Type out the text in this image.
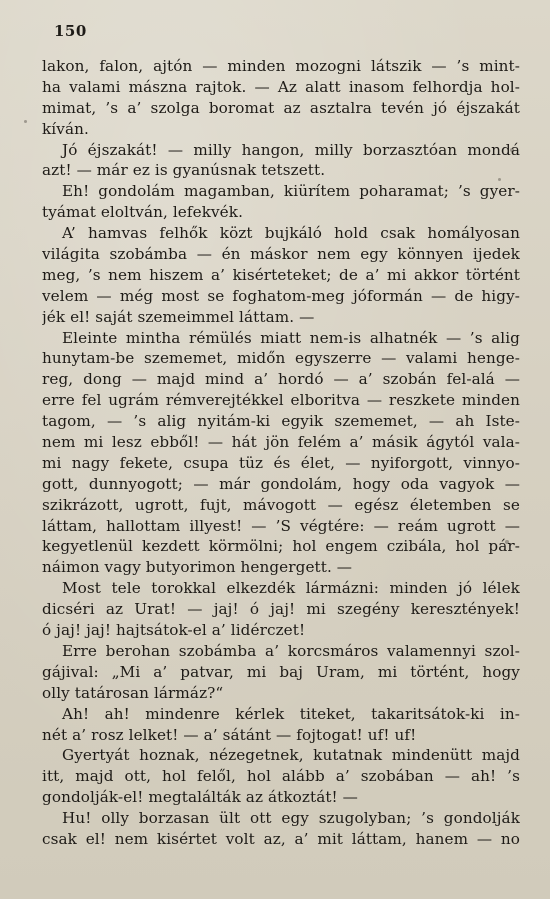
150
lakon, falon, ajtón — minden mozogni látszik — ’s mint-
ha valami mászna rajtok. — Az alatt inasom felhordja hol-
mimat, ’s a’ szolga boromat az asztalra tevén jó éjszakát
kíván.
Jó éjszakát! — milly hangon, milly borzasztóan mondá
azt! — már ez is gyanúsnak tetszett.
Eh! gondolám magamban, kiürítem poharamat; ’s gyer-
tyámat eloltván, lefekvék.
A’ hamvas felhők közt bujkáló hold csak homályosan
világita szobámba — én máskor nem egy könnyen ijedek
meg, ’s nem hiszem a’ kisérteteket; de a’ mi akkor történt
velem — még most se foghatom-meg jóformán — de higy-
jék el! saját szemeimmel láttam. —
Eleinte mintha rémülés miatt nem-is alhatnék — ’s alig
hunytam-be szememet, midőn egyszerre — valami henge-
reg, dong — majd mind a’ hordó — a’ szobán fel-alá —
erre fel ugrám rémverejtékkel elboritva — reszkete minden
tagom, — ’s alig nyitám-ki egyik szememet, — ah Iste-
nem mi lesz ebből! — hát jön felém a’ másik ágytól vala-
mi nagy fekete, csupa tüz és élet, — nyiforgott, vinnyo-
gott, dunnyogott; — már gondolám, hogy oda vagyok —
szikrázott, ugrott, fujt, mávogott — egész életemben se
láttam, hallottam illyest! — ’S végtére: — reám ugrott —
kegyetlenül kezdett körmölni; hol engem czibála, hol pár-
náimon vagy butyorimon hengergett. —
Most tele torokkal elkezdék lármázni: minden jó lélek
dicséri az Urat! — jaj! ó jaj! mi szegény keresztények!
ó jaj! jaj! hajtsátok-el a’ lidérczet!
Erre berohan szobámba a’ korcsmáros valamennyi szol-
gájival: „Mi a’ patvar, mi baj Uram, mi történt, hogy
olly tatárosan lármáz?“
Ah! ah! mindenre kérlek titeket, takaritsátok-ki in-
nét a’ rosz lelket! — a’ sátánt — fojtogat! uf! uf!
Gyertyát hoznak, nézegetnek, kutatnak mindenütt majd
itt, majd ott, hol felől, hol alább a’ szobában — ah! ’s
gondolják-el! megtalálták az átkoztát! —
Hu! olly borzasan ült ott egy szugolyban; ’s gondolják
csak el! nem kisértet volt az, a’ mit láttam, hanem — no
